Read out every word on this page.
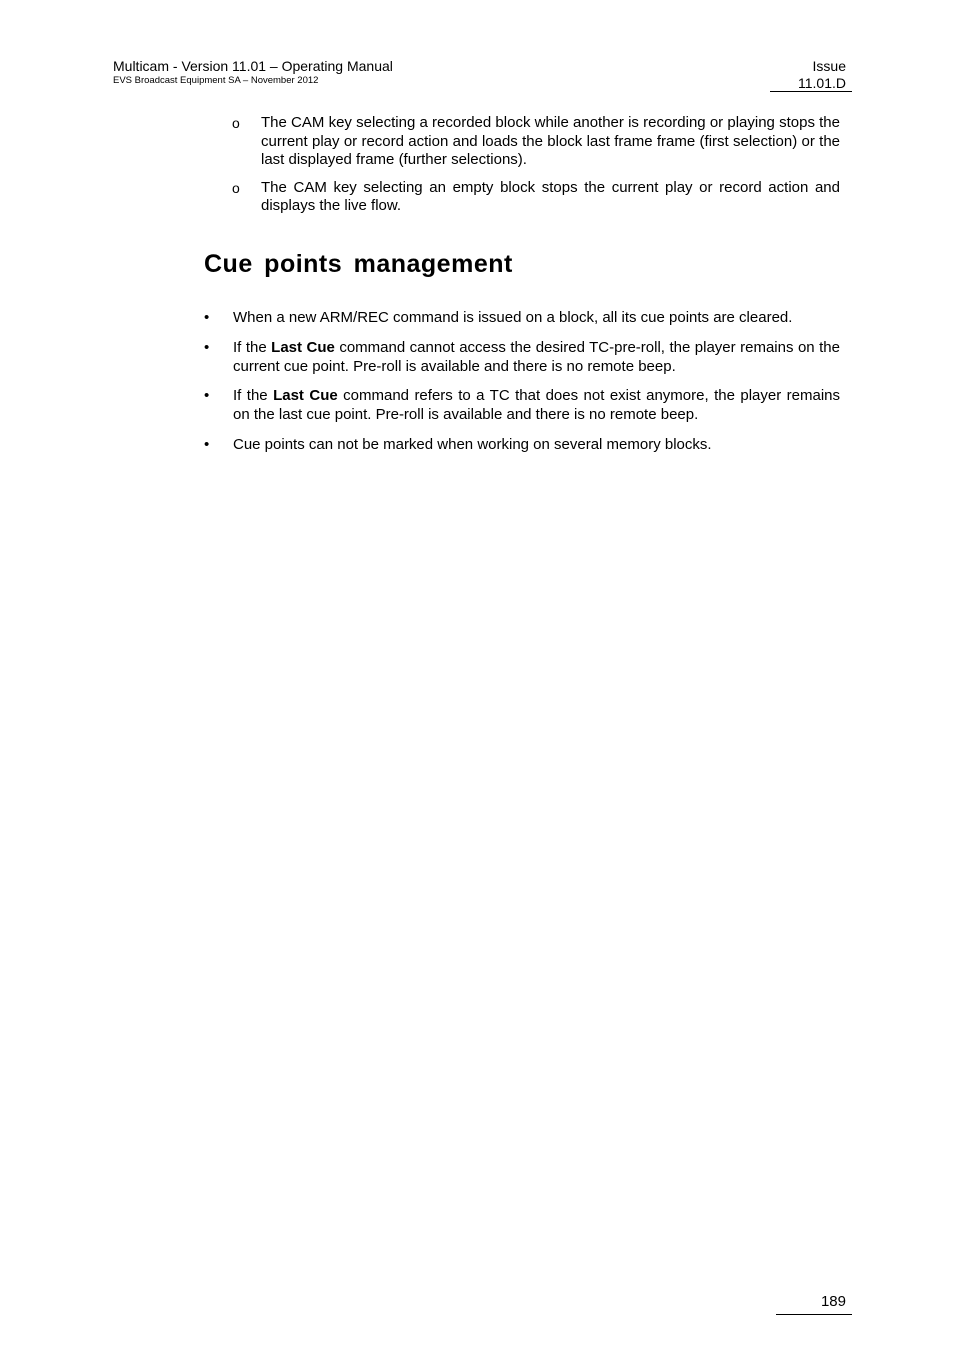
Multicam - Version 11.01 – Operating Manual
EVS Broadcast Equipment SA – November 2012
Issue
11.01.D
o The CAM key selecting a recorded block while another is recording or playing stops the current play or record action and loads the block last frame frame (first selection) or the last displayed frame (further selections).
o The CAM key selecting an empty block stops the current play or record action and displays the live flow.
Cue points management
• When a new ARM/REC command is issued on a block, all its cue points are cleared.
• If the Last Cue command cannot access the desired TC-pre-roll, the player remains on the current cue point. Pre-roll is available and there is no remote beep.
• If the Last Cue command refers to a TC that does not exist anymore, the player remains on the last cue point. Pre-roll is available and there is no remote beep.
• Cue points can not be marked when working on several memory blocks.
189
